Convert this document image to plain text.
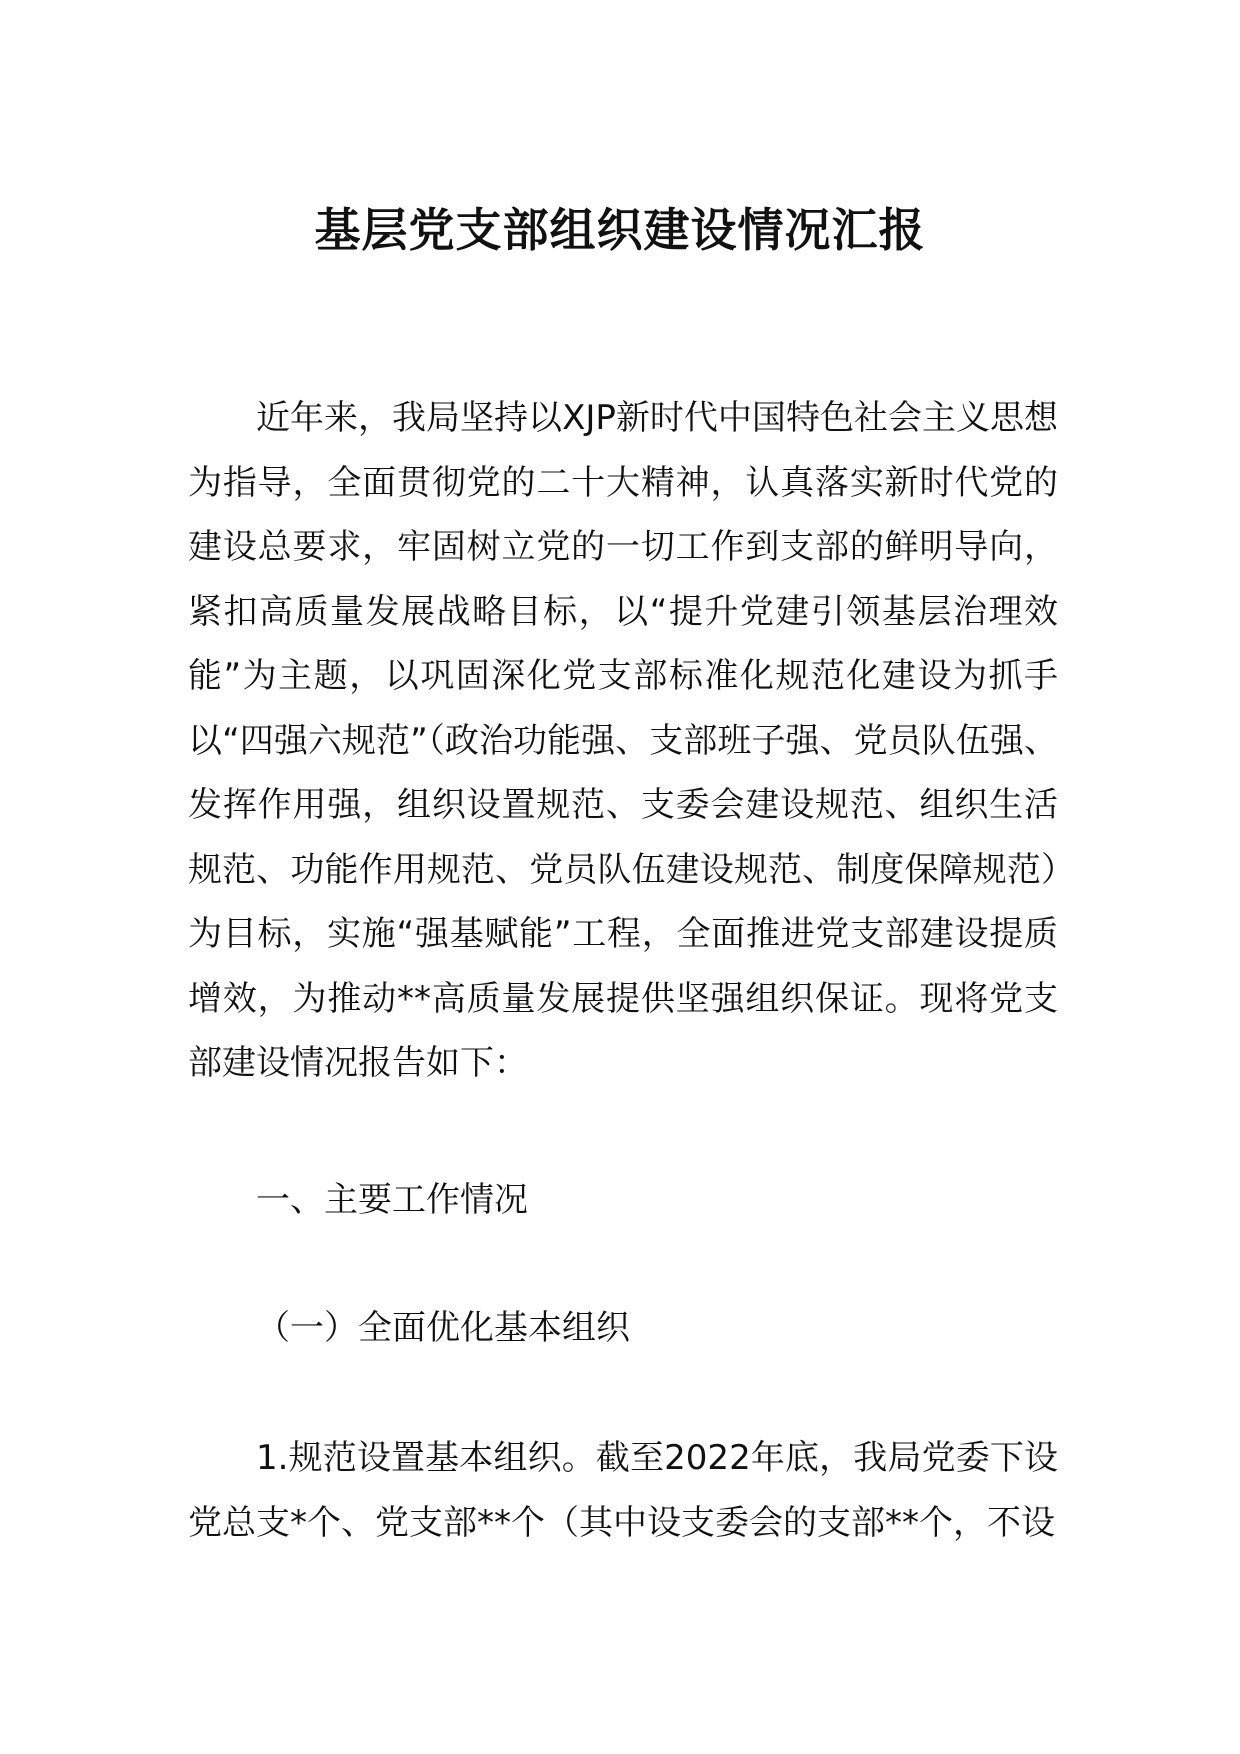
基层党支部组织建设情况汇报

近年来，我局坚持以XJP新时代中国特色社会主义思想为指导，全面贯彻党的二十大精神，认真落实新时代党的建设总要求，牢固树立党的一切工作到支部的鲜明导向，紧扣高质量发展战略目标，以“提升党建引领基层治理效能”为主题，以巩固深化党支部标准化规范化建设为抓手以“四强六规范”（政治功能强、支部班子强、党员队伍强、发挥作用强，组织设置规范、支委会建设规范、组织生活规范、功能作用规范、党员队伍建设规范、制度保障规范）为目标，实施“强基赋能”工程，全面推进党支部建设提质增效，为推动**高质量发展提供坚强组织保证。现将党支部建设情况报告如下：

一、主要工作情况

（一）全面优化基本组织

1.规范设置基本组织。截至2022年底，我局党委下设党总支*个、党支部**个（其中设支委会的支部**个，不设
